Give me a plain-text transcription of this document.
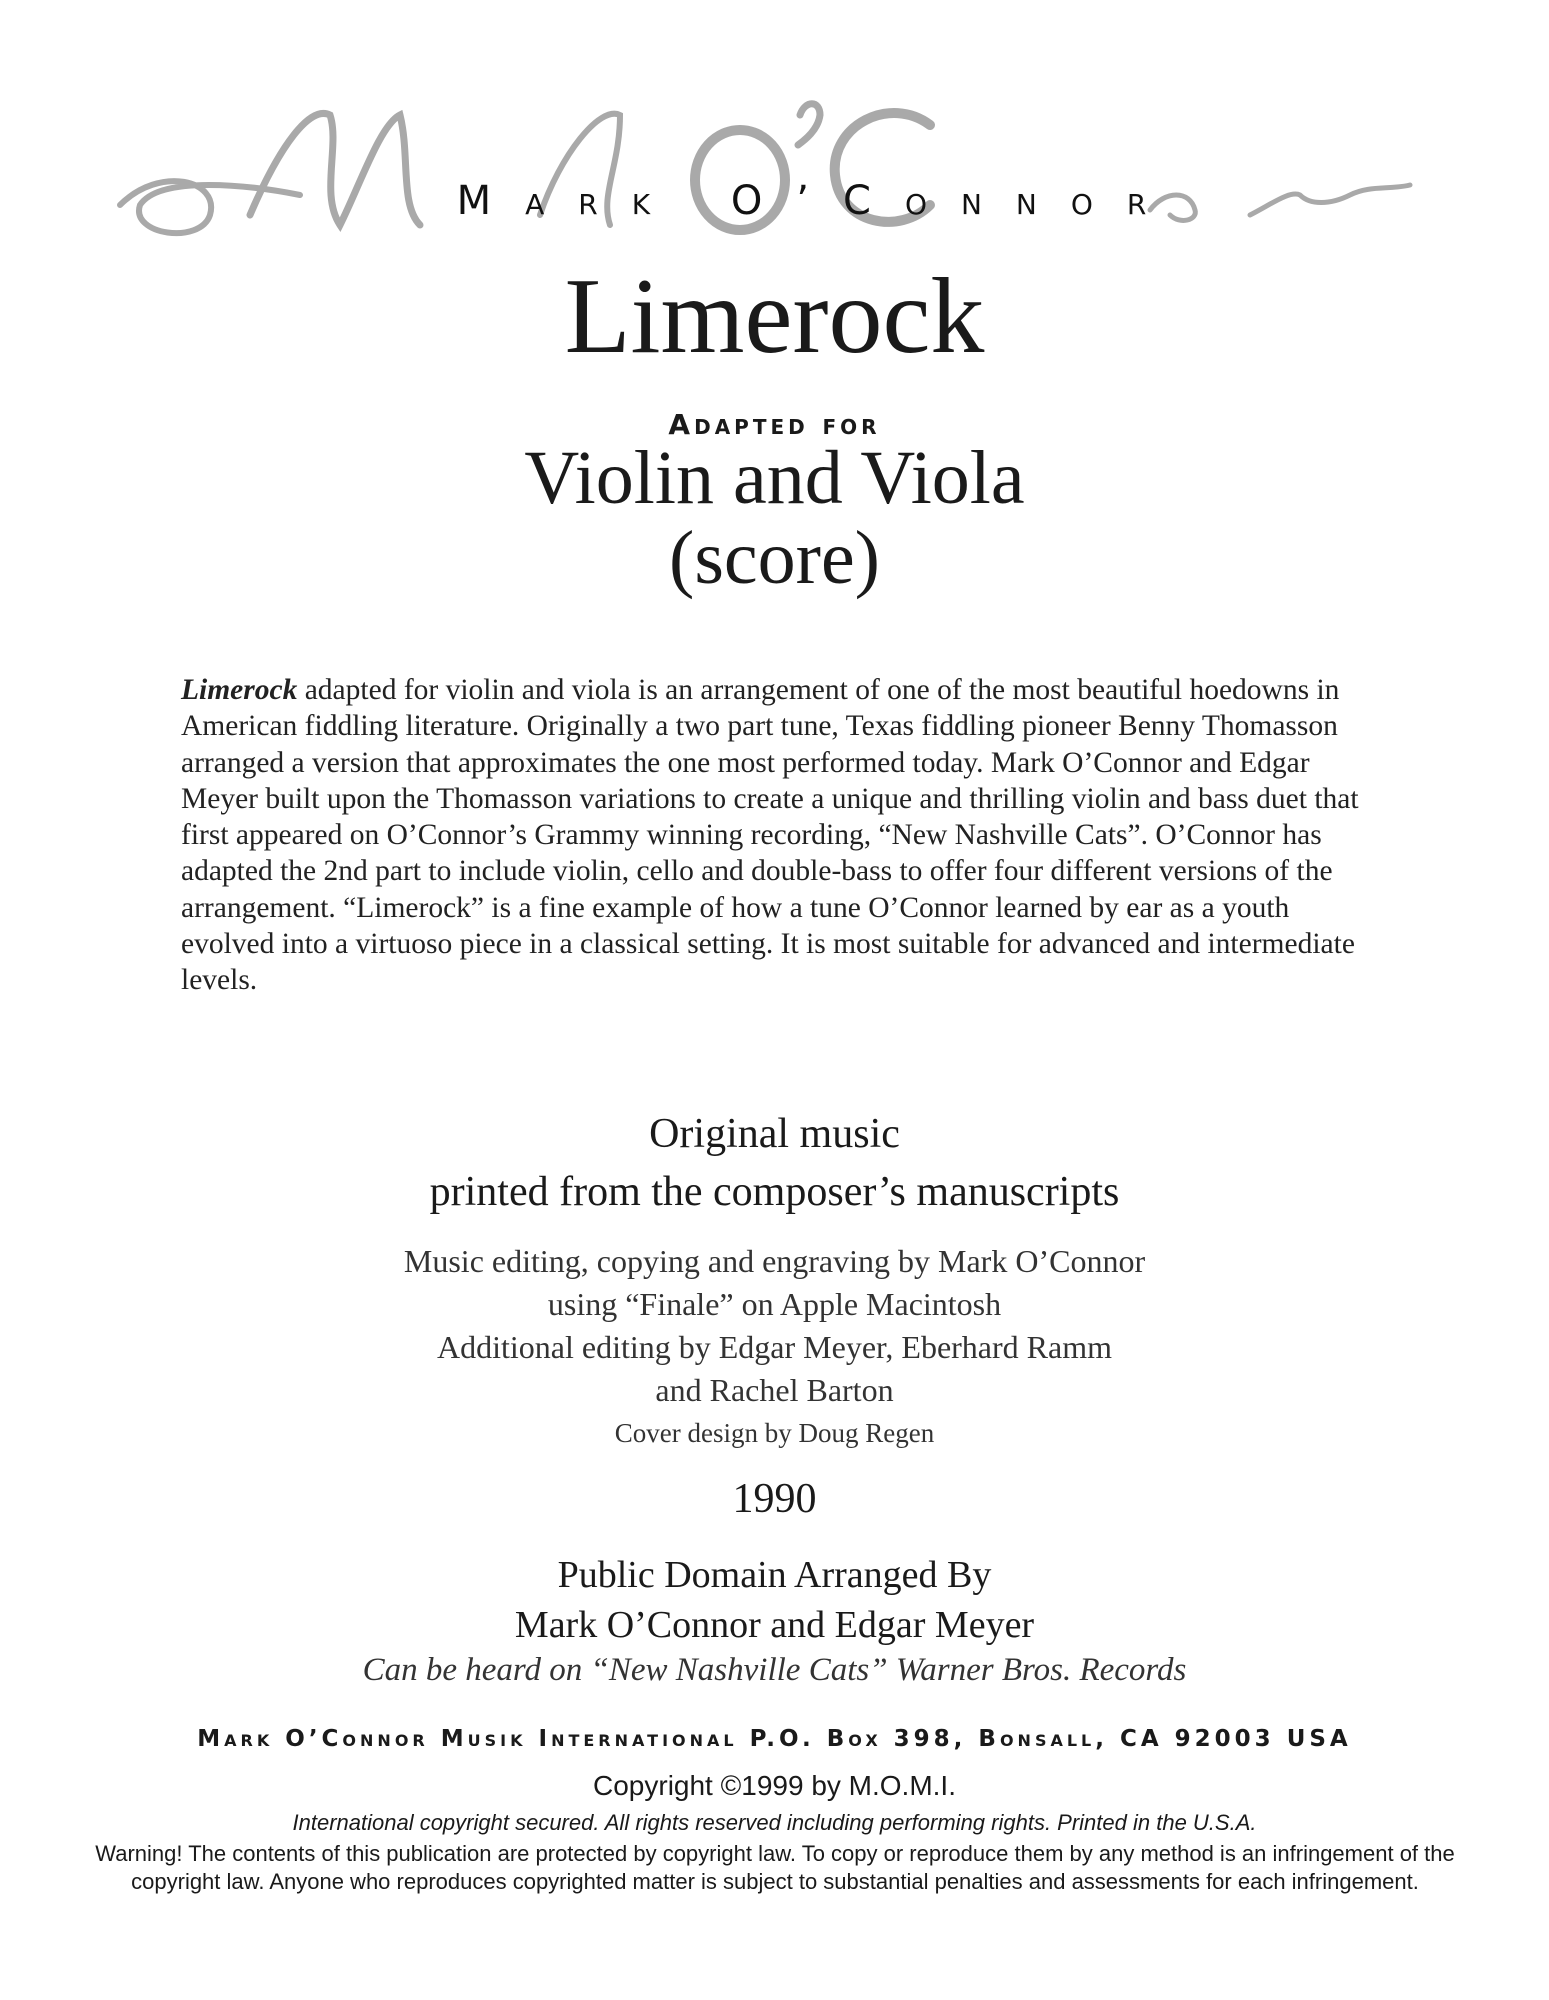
Mark O’Connor
Limerock
Adapted for
Violin and Viola
(score)
Limerock adapted for violin and viola is an arrangement of one of the most beautiful hoedowns in American fiddling literature. Originally a two part tune, Texas fiddling pioneer Benny Thomasson arranged a version that approximates the one most performed today. Mark O’Connor and Edgar Meyer built upon the Thomasson variations to create a unique and thrilling violin and bass duet that first appeared on O’Connor’s Grammy winning recording, “New Nashville Cats”. O’Connor has adapted the 2nd part to include violin, cello and double-bass to offer four different versions of the arrangement. “Limerock” is a fine example of how a tune O’Connor learned by ear as a youth evolved into a virtuoso piece in a classical setting. It is most suitable for advanced and intermediate levels.
Original music
printed from the composer’s manuscripts
Music editing, copying and engraving by Mark O’Connor
using “Finale” on Apple Macintosh
Additional editing by Edgar Meyer, Eberhard Ramm
and Rachel Barton
Cover design by Doug Regen
1990
Public Domain Arranged By
Mark O’Connor and Edgar Meyer
Can be heard on “New Nashville Cats” Warner Bros. Records
Mark O’Connor Musik International P.O. Box 398, Bonsall, CA 92003 USA
Copyright ©1999 by M.O.M.I.
International copyright secured. All rights reserved including performing rights. Printed in the U.S.A.
Warning! The contents of this publication are protected by copyright law. To copy or reproduce them by any method is an infringement of the copyright law. Anyone who reproduces copyrighted matter is subject to substantial penalties and assessments for each infringement.
